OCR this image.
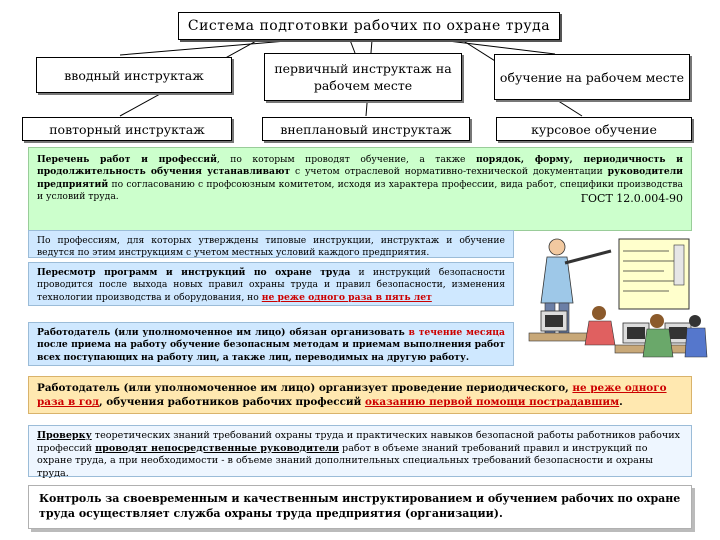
Система подготовки рабочих по охране труда
вводный инструктаж	первичный инструктаж на рабочем месте
обучение на рабочем месте
повторный инструктаж	внеплановый инструктаж	курсовое обучение
Перечень работ и профессий, по которым проводят обучение, а также порядок, форму, периодичность и продолжительность обучения устанавливают с учетом отраслевой нормативно-технической документации руководители предприятий по согласованию с профсоюзным комитетом, исходя из характера профессии, вида работ, специфики производства и условий труда.	ГОСТ 12.0.004-90
По профессиям, для которых утверждены типовые инструкции, инструктаж и обучение ведутся по этим инструкциям с учетом местных условий каждого предприятия.
Пересмотр программ и инструкций по охране труда и инструкций безопасности проводится после выхода новых правил охраны труда и правил безопасности, изменения технологии производства и оборудования, но не реже одного раза в пять лет
Работодатель (или уполномоченное им лицо) обязан организовать в течение месяца после приема на работу обучение безопасным методам и приемам выполнения работ всех поступающих на работу лиц, а также лиц, переводимых на другую работу.
Работодатель (или уполномоченное им лицо) организует проведение периодического, не реже одного раза в год, обучения работников рабочих профессий оказанию первой помощи пострадавшим.
Проверку теоретических знаний требований охраны труда и практических навыков безопасной работы работников рабочих профессий проводят непосредственные руководители работ в объеме знаний требований правил и инструкций по охране труда, а при необходимости - в объеме знаний дополнительных специальных требований безопасности и охраны труда.
Контроль за своевременным и качественным инструктированием и обучением рабочих по охране труда осуществляет служба охраны труда предприятия (организации).
